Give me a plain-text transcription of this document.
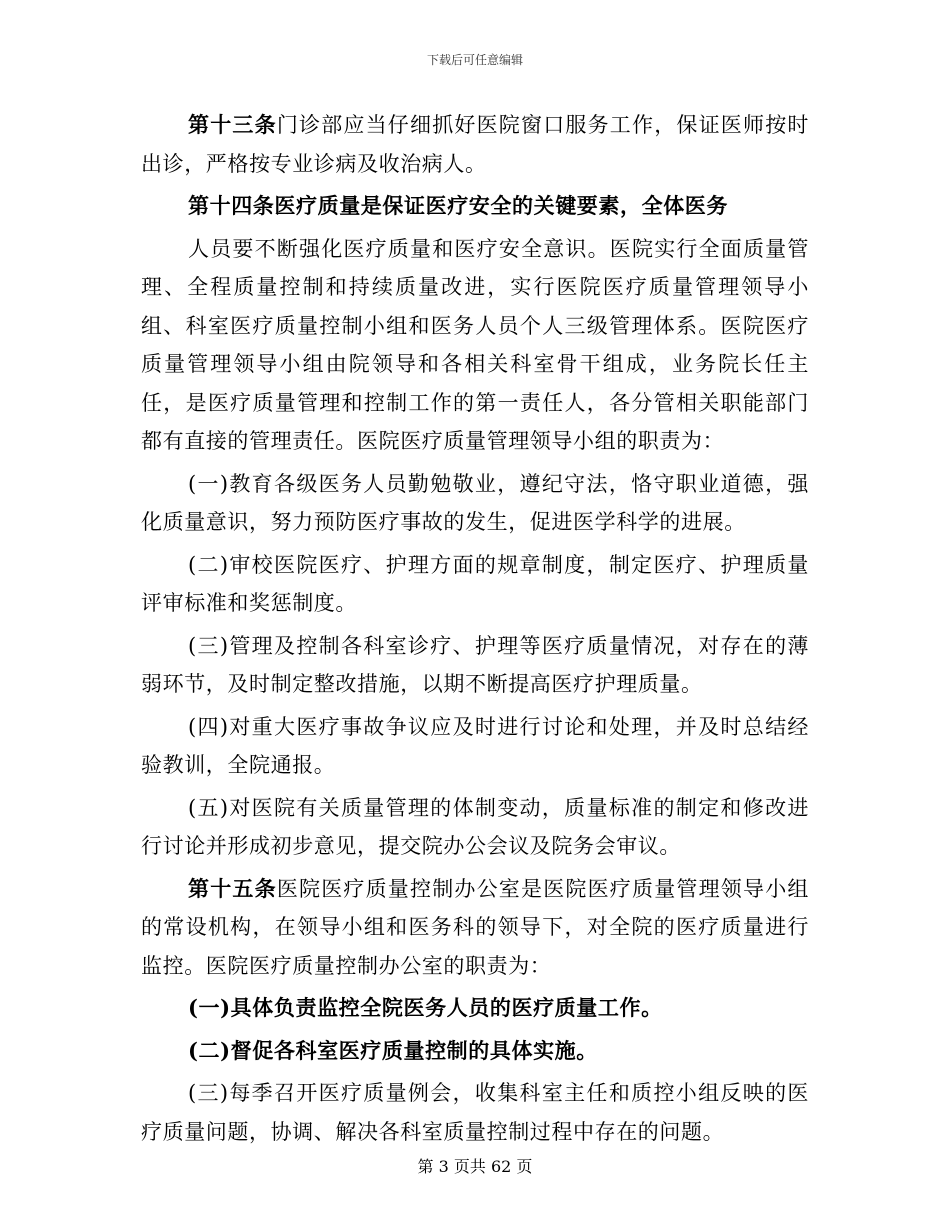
下载后可任意编辑

第十三条门诊部应当仔细抓好医院窗口服务工作，保证医师按时出诊，严格按专业诊病及收治病人。

第十四条医疗质量是保证医疗安全的关键要素，全体医务

人员要不断强化医疗质量和医疗安全意识。医院实行全面质量管理、全程质量控制和持续质量改进，实行医院医疗质量管理领导小组、科室医疗质量控制小组和医务人员个人三级管理体系。医院医疗质量管理领导小组由院领导和各相关科室骨干组成，业务院长任主任，是医疗质量管理和控制工作的第一责任人，各分管相关职能部门都有直接的管理责任。医院医疗质量管理领导小组的职责为：

(一)教育各级医务人员勤勉敬业，遵纪守法，恪守职业道德，强化质量意识，努力预防医疗事故的发生，促进医学科学的进展。

(二)审校医院医疗、护理方面的规章制度，制定医疗、护理质量评审标准和奖惩制度。

(三)管理及控制各科室诊疗、护理等医疗质量情况，对存在的薄弱环节，及时制定整改措施，以期不断提高医疗护理质量。

(四)对重大医疗事故争议应及时进行讨论和处理，并及时总结经验教训，全院通报。

(五)对医院有关质量管理的体制变动，质量标准的制定和修改进行讨论并形成初步意见，提交院办公会议及院务会审议。

第十五条医院医疗质量控制办公室是医院医疗质量管理领导小组的常设机构，在领导小组和医务科的领导下，对全院的医疗质量进行监控。医院医疗质量控制办公室的职责为：

(一)具体负责监控全院医务人员的医疗质量工作。

(二)督促各科室医疗质量控制的具体实施。

(三)每季召开医疗质量例会，收集科室主任和质控小组反映的医疗质量问题，协调、解决各科室质量控制过程中存在的问题。

第 3 页共 62 页
